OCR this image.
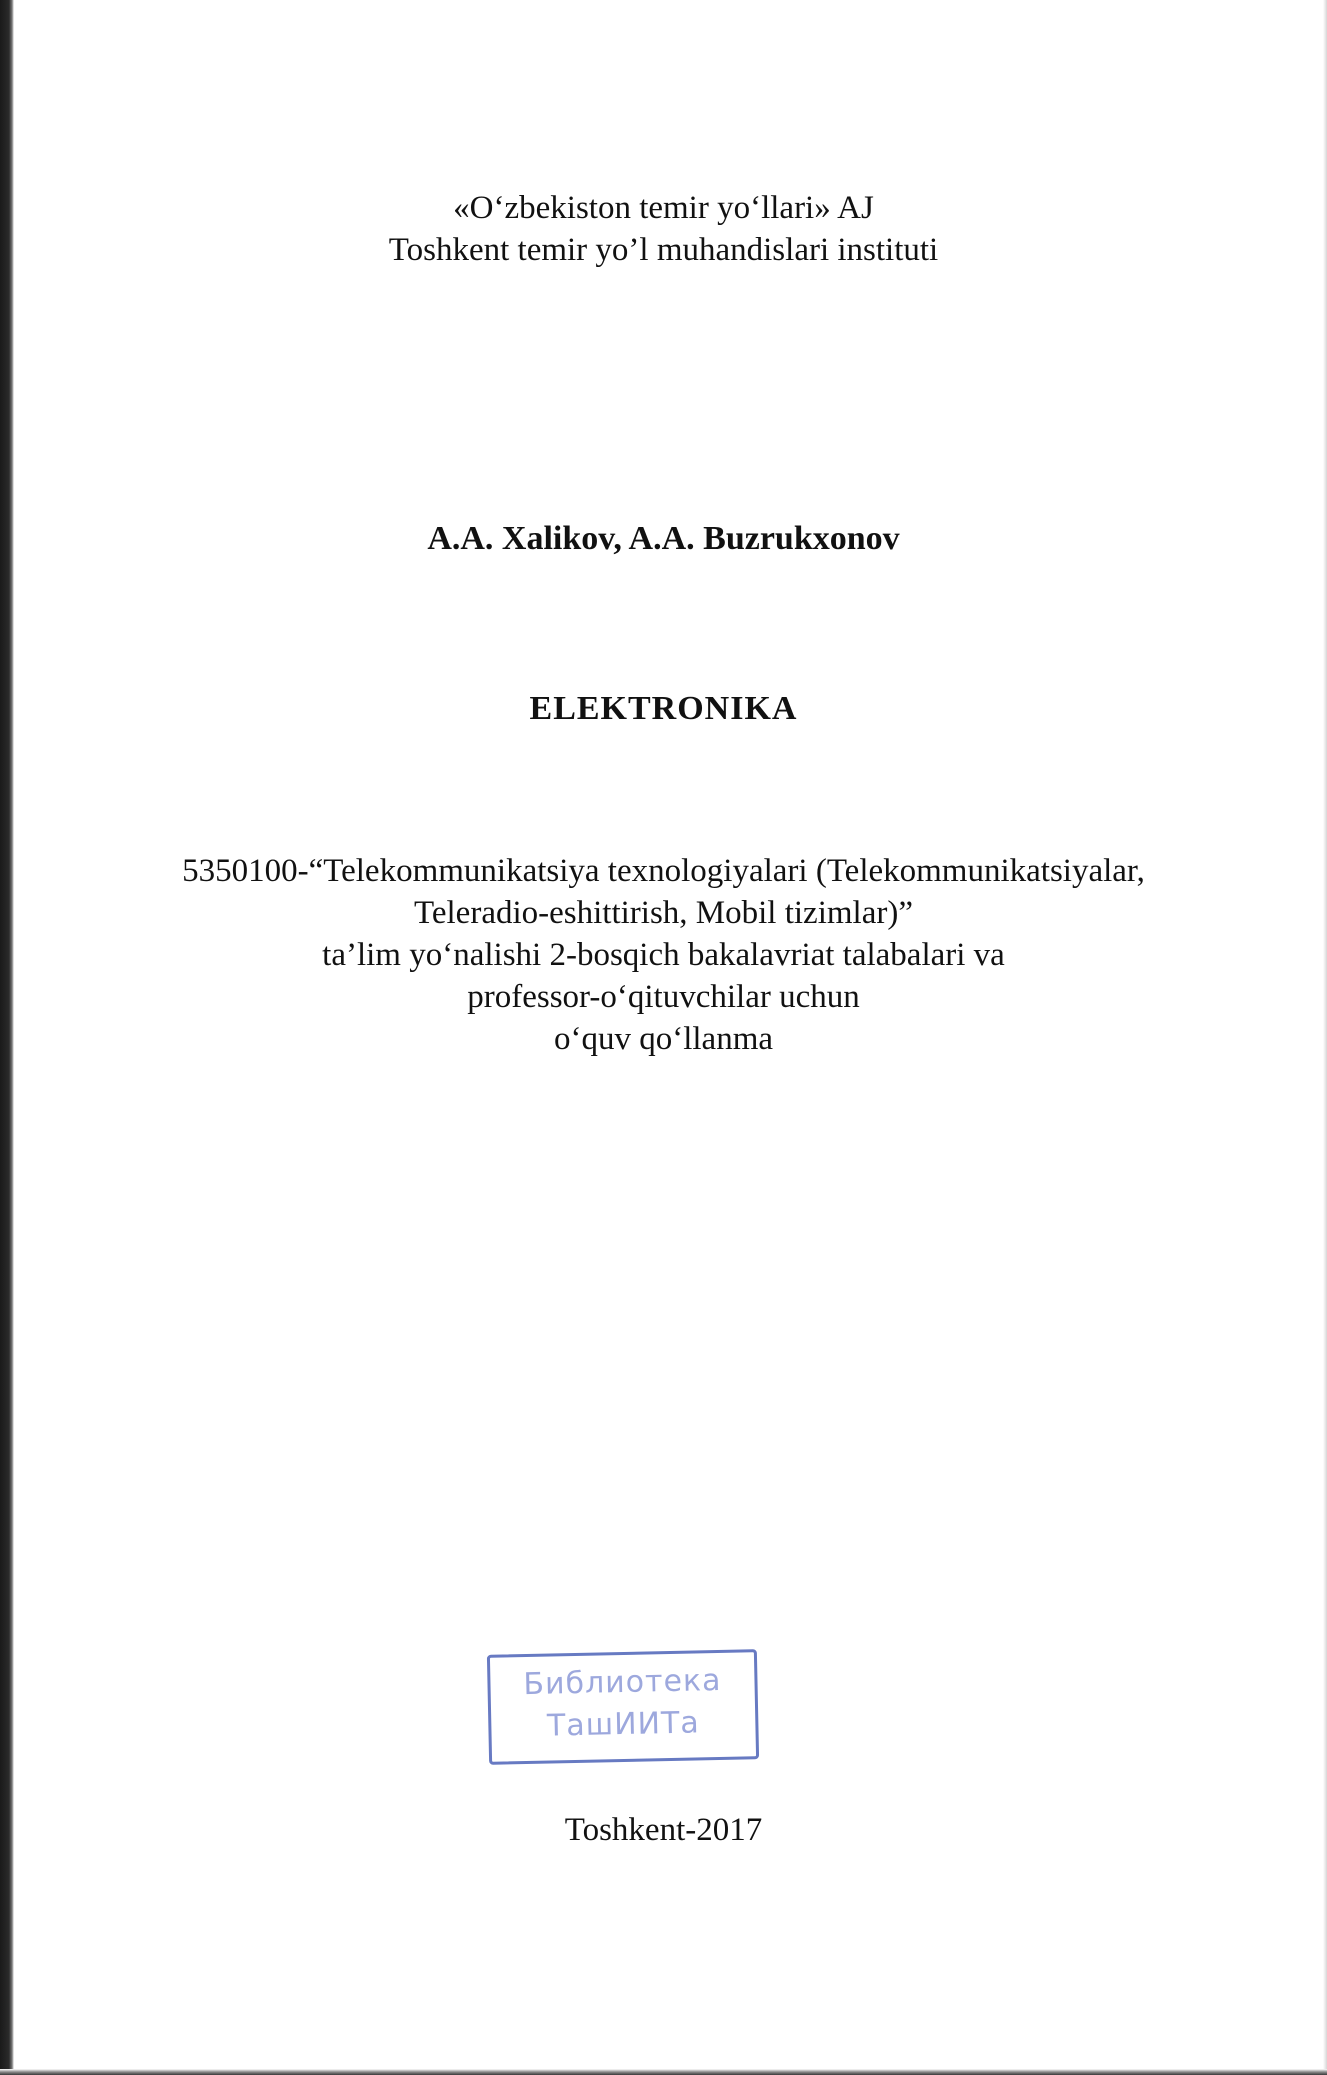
«O‘zbekiston temir yo‘llari» AJ
Toshkent temir yo’l muhandislari instituti
A.A. Xalikov, A.A. Buzrukxonov
ELEKTRONIKA
5350100-“Telekommunikatsiya texnologiyalari (Telekommunikatsiyalar,
Teleradio-eshittirish, Mobil tizimlar)”
ta’lim yo‘nalishi 2-bosqich bakalavriat talabalari va
professor-o‘qituvchilar uchun
o‘quv qo‘llanma
Библиотека
ТашИИТа
Toshkent-2017
